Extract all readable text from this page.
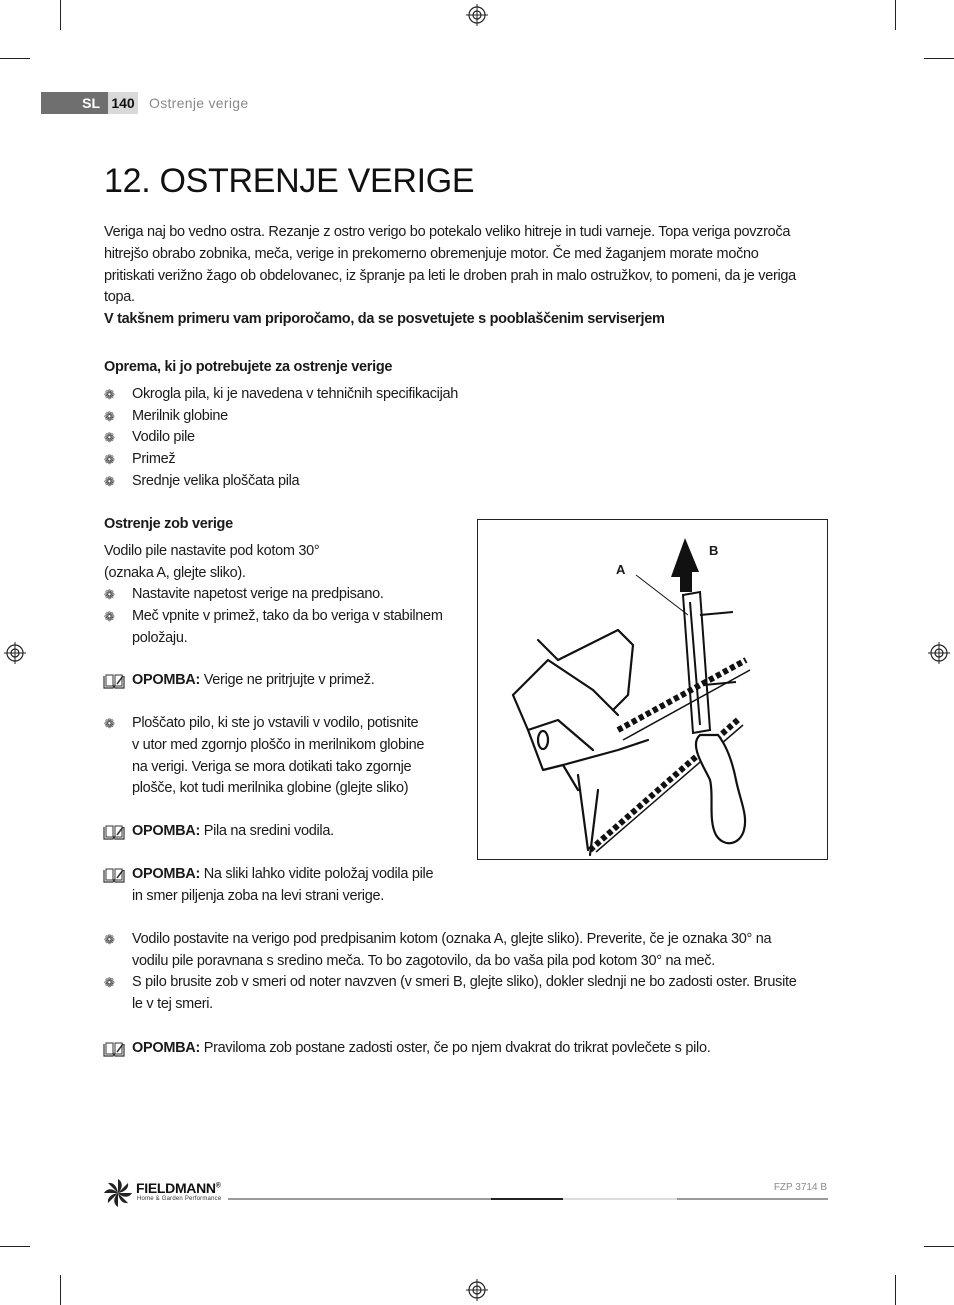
SL 140 Ostrenje verige
12. OSTRENJE VERIGE
Veriga naj bo vedno ostra. Rezanje z ostro verigo bo potekalo veliko hitreje in tudi varneje. Topa veriga povzroča
hitrejšo obrabo zobnika, meča, verige in prekomerno obremenjuje motor. Če med žaganjem morate močno
pritiskati verižno žago ob obdelovanec, iz špranje pa leti le droben prah in malo ostružkov, to pomeni, da je veriga
topa.
V takšnem primeru vam priporočamo, da se posvetujete s pooblaščenim serviserjem
Oprema, ki jo potrebujete za ostrenje verige
❁ Okrogla pila, ki je navedena v tehničnih specifikacijah
❁ Merilnik globine
❁ Vodilo pile
❁ Primež
❁ Srednje velika ploščata pila
Ostrenje zob verige
Vodilo pile nastavite pod kotom 30°
(oznaka A, glejte sliko).
❁ Nastavite napetost verige na predpisano.
❁ Meč vpnite v primež, tako da bo veriga v stabilnem
položaju.
OPOMBA: Verige ne pritrjujte v primež.
❁ Ploščato pilo, ki ste jo vstavili v vodilo, potisnite
v utor med zgornjo ploščo in merilnikom globine
na verigi. Veriga se mora dotikati tako zgornje
plošče, kot tudi merilnika globine (glejte sliko)
OPOMBA: Pila na sredini vodila.
OPOMBA: Na sliki lahko vidite položaj vodila pile
in smer piljenja zoba na levi strani verige.
❁ Vodilo postavite na verigo pod predpisanim kotom (oznaka A, glejte sliko). Preverite, če je oznaka 30° na
vodilu pile poravnana s sredino meča. To bo zagotovilo, da bo vaša pila pod kotom 30° na meč.
❁ S pilo brusite zob v smeri od noter navzven (v smeri B, glejte sliko), dokler slednji ne bo zadosti oster. Brusite
le v tej smeri.
OPOMBA: Praviloma zob postane zadosti oster, če po njem dvakrat do trikrat povlečete s pilo.
A
B
FIELDMANN®
Home & Garden Performance
FZP 3714 B
